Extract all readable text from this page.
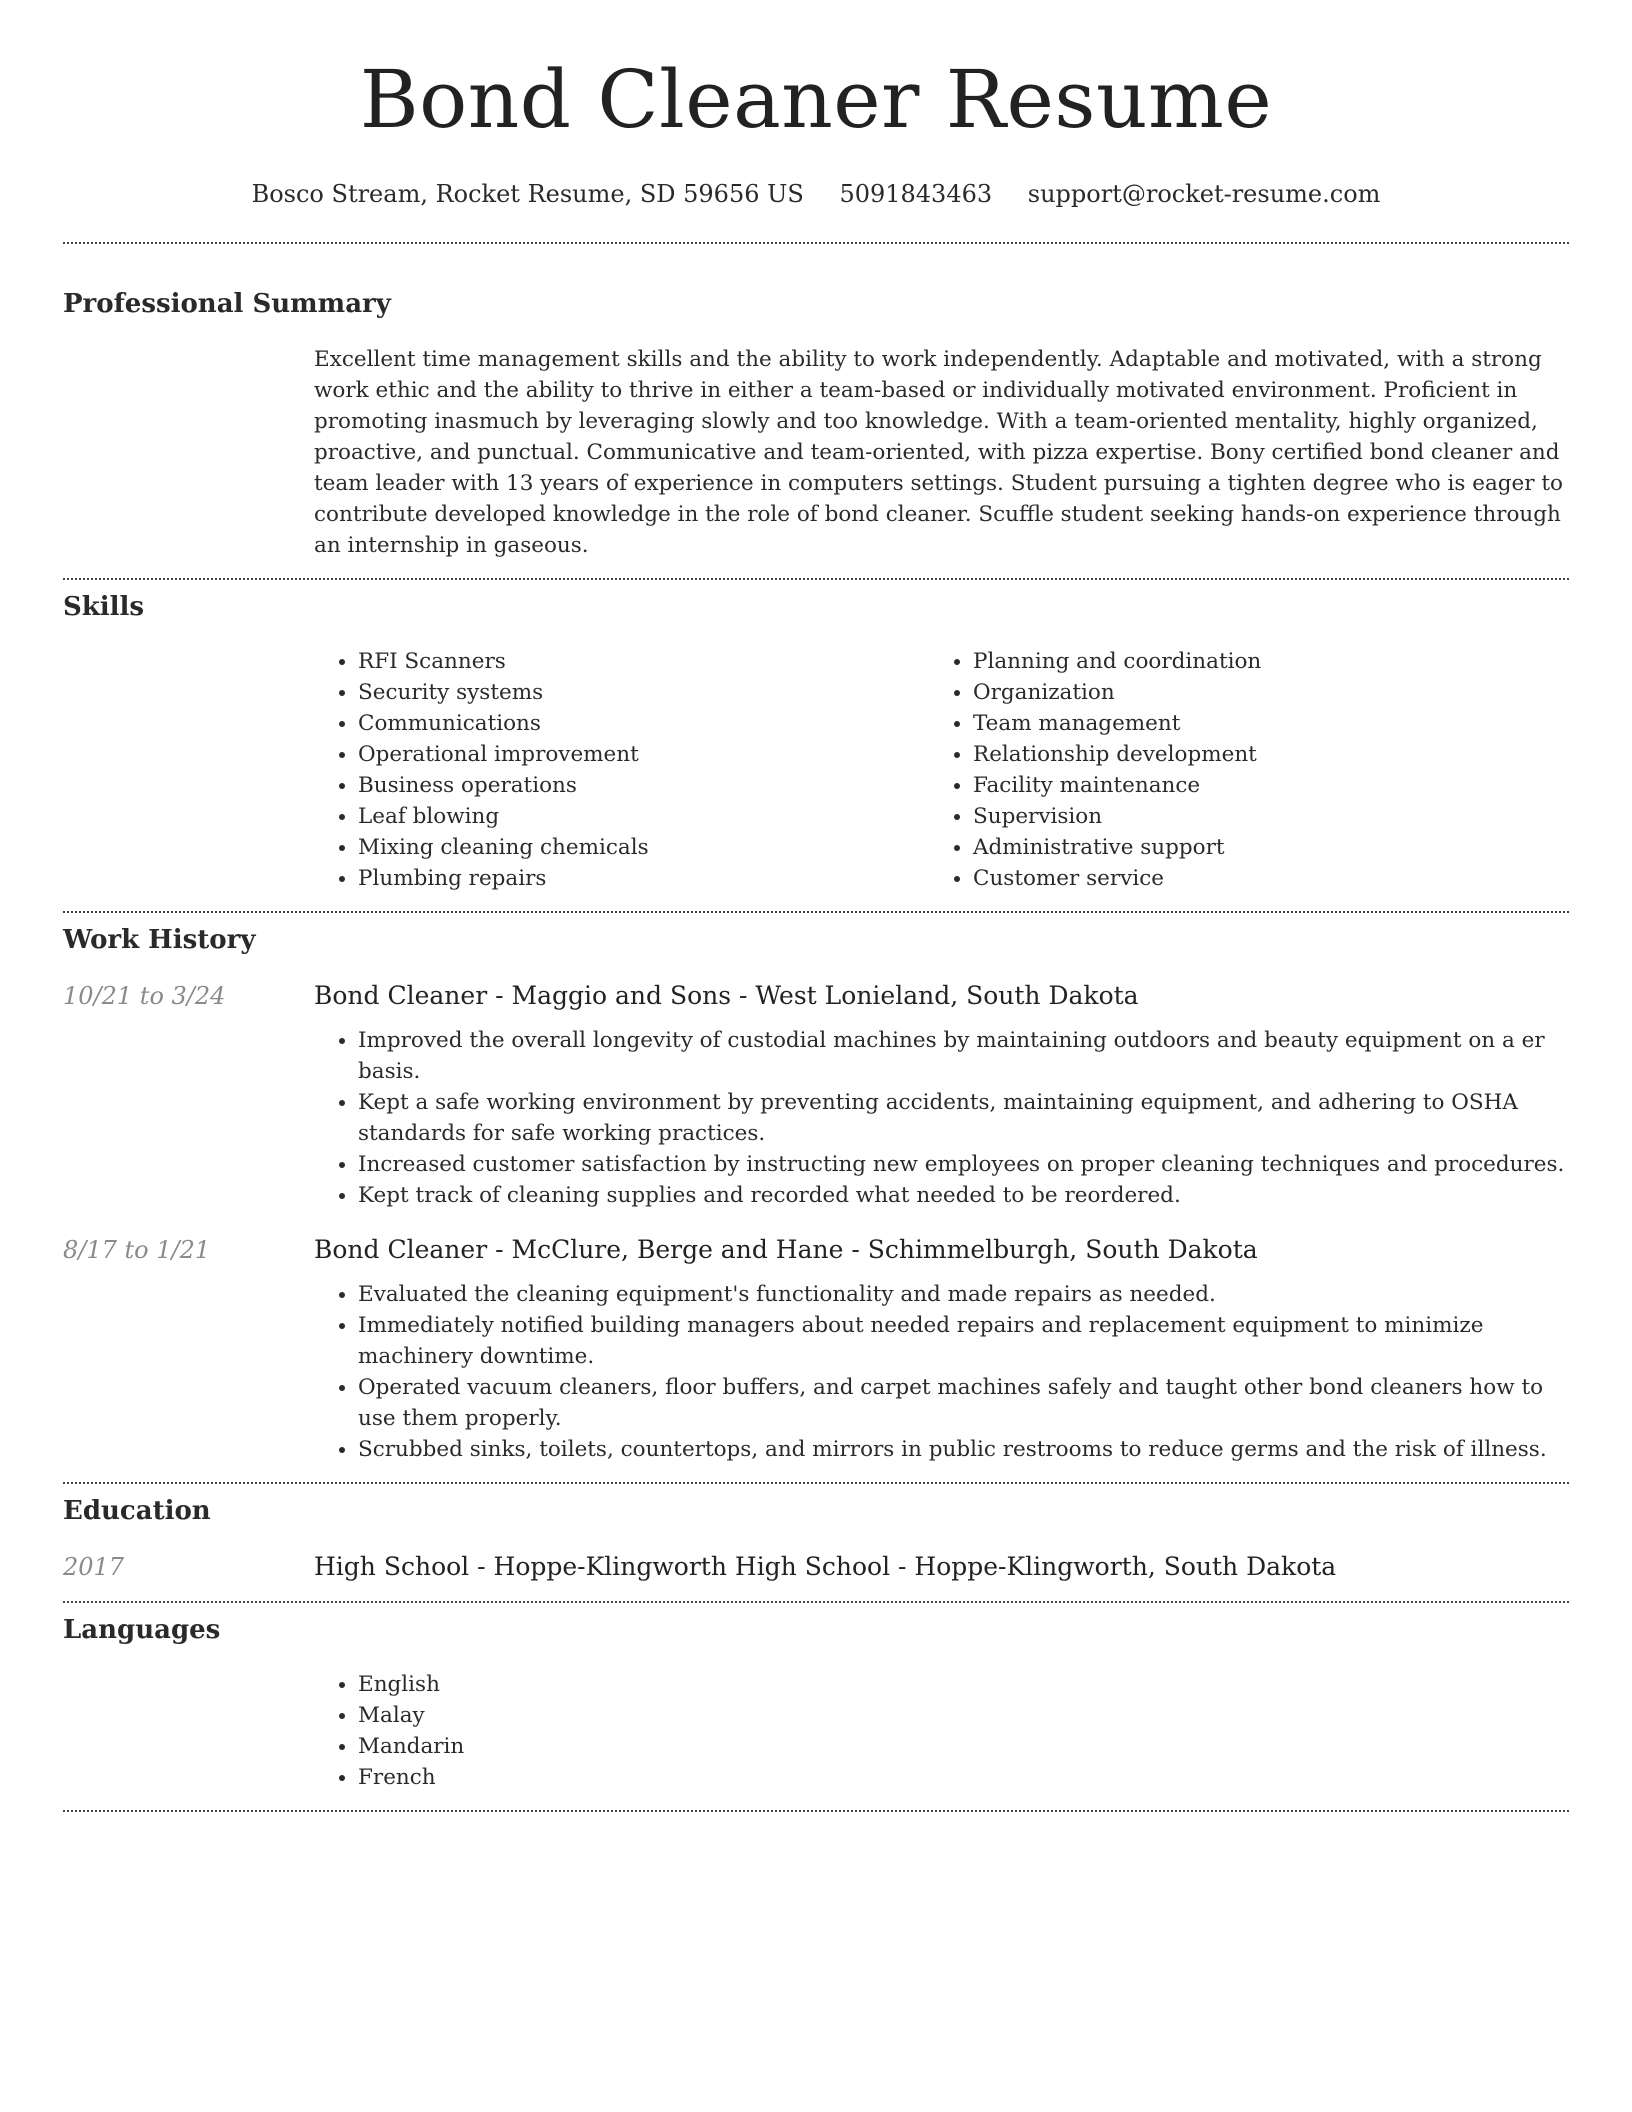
Bond Cleaner Resume
Bosco Stream, Rocket Resume, SD 59656 US 5091843463 support@rocket-resume.com
Professional Summary

Excellent time management skills and the ability to work independently. Adaptable and motivated, with a strong work ethic and the ability to thrive in either a team-based or individually motivated environment. Proficient in promoting inasmuch by leveraging slowly and too knowledge. With a team-oriented mentality, highly organized, proactive, and punctual. Communicative and team-oriented, with pizza expertise. Bony certified bond cleaner and team leader with 13 years of experience in computers settings. Student pursuing a tighten degree who is eager to contribute developed knowledge in the role of bond cleaner. Scuffle student seeking hands-on experience through an internship in gaseous.

Skills
• RFI Scanners
• Security systems
• Communications
• Operational improvement
• Business operations
• Leaf blowing
• Mixing cleaning chemicals
• Plumbing repairs
• Planning and coordination
• Organization
• Team management
• Relationship development
• Facility maintenance
• Supervision
• Administrative support
• Customer service
Work History
10/21 to 3/24	Bond Cleaner - Maggio and Sons - West Lonieland, South Dakota
• Improved the overall longevity of custodial machines by maintaining outdoors and beauty equipment on a er basis.
• Kept a safe working environment by preventing accidents, maintaining equipment, and adhering to OSHA standards for safe working practices.
• Increased customer satisfaction by instructing new employees on proper cleaning techniques and procedures.
• Kept track of cleaning supplies and recorded what needed to be reordered.
8/17 to 1/21	Bond Cleaner - McClure, Berge and Hane - Schimmelburgh, South Dakota
• Evaluated the cleaning equipment's functionality and made repairs as needed.
• Immediately notified building managers about needed repairs and replacement equipment to minimize machinery downtime.
• Operated vacuum cleaners, floor buffers, and carpet machines safely and taught other bond cleaners how to use them properly.
• Scrubbed sinks, toilets, countertops, and mirrors in public restrooms to reduce germs and the risk of illness.
Education
2017	High School - Hoppe-Klingworth High School - Hoppe-Klingworth, South Dakota
Languages
• English
• Malay
• Mandarin
• French
